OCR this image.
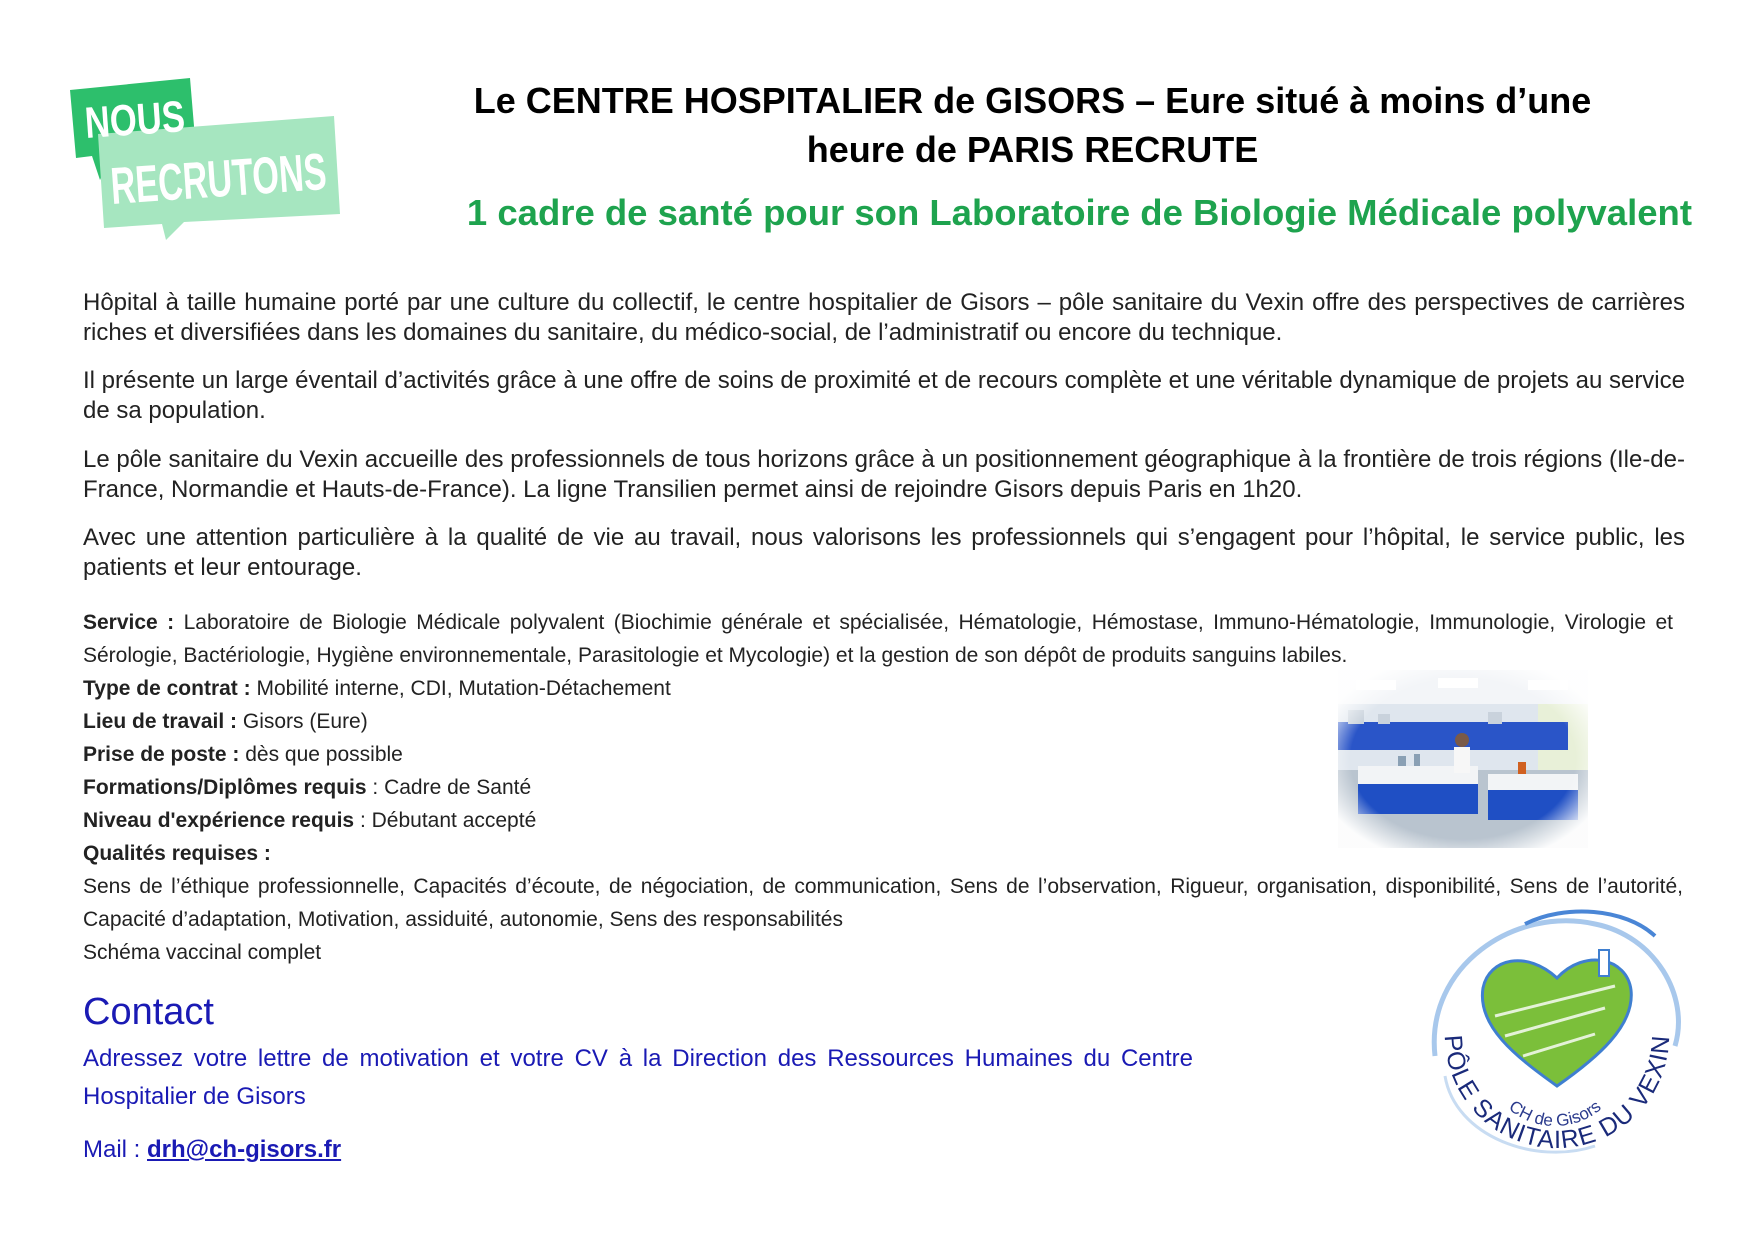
NOUS
RECRUTONS
Le CENTRE HOSPITALIER de GISORS – Eure situé à moins d’une
heure de PARIS RECRUTE
1 cadre de santé pour son Laboratoire de Biologie Médicale polyvalent
Hôpital à taille humaine porté par une culture du collectif, le centre hospitalier de Gisors – pôle sanitaire du Vexin offre des perspectives de carrières riches et diversifiées dans les domaines du sanitaire, du médico-social, de l’administratif ou encore du technique.
Il présente un large éventail d’activités grâce à une offre de soins de proximité et de recours complète et une véritable dynamique de projets au service de sa population.
Le pôle sanitaire du Vexin accueille des professionnels de tous horizons grâce à un positionnement géographique à la frontière de trois régions (Ile-de-France, Normandie et Hauts-de-France). La ligne Transilien permet ainsi de rejoindre Gisors depuis Paris en 1h20.
Avec une attention particulière à la qualité de vie au travail, nous valorisons les professionnels qui s’engagent pour l’hôpital, le service public, les patients et leur entourage.
Service : Laboratoire de Biologie Médicale polyvalent (Biochimie générale et spécialisée, Hématologie, Hémostase, Immuno-Hématologie, Immunologie, Virologie et Sérologie, Bactériologie, Hygiène environnementale, Parasitologie et Mycologie) et la gestion de son dépôt de produits sanguins labiles.
Type de contrat : Mobilité interne, CDI, Mutation-Détachement
Lieu de travail : Gisors (Eure)
Prise de poste : dès que possible
Formations/Diplômes requis : Cadre de Santé
Niveau d'expérience requis : Débutant accepté
Qualités requises :
Sens de l’éthique professionnelle, Capacités d’écoute, de négociation, de communication, Sens de l’observation, Rigueur, organisation, disponibilité, Sens de l’autorité, Capacité d’adaptation, Motivation, assiduité, autonomie, Sens des responsabilités
Schéma vaccinal complet
Contact
Adressez votre lettre de motivation et votre CV à la Direction des Ressources Humaines du Centre Hospitalier de Gisors
Mail : drh@ch-gisors.fr
CH de Gisors
PÔLE SANITAIRE DU VEXIN
